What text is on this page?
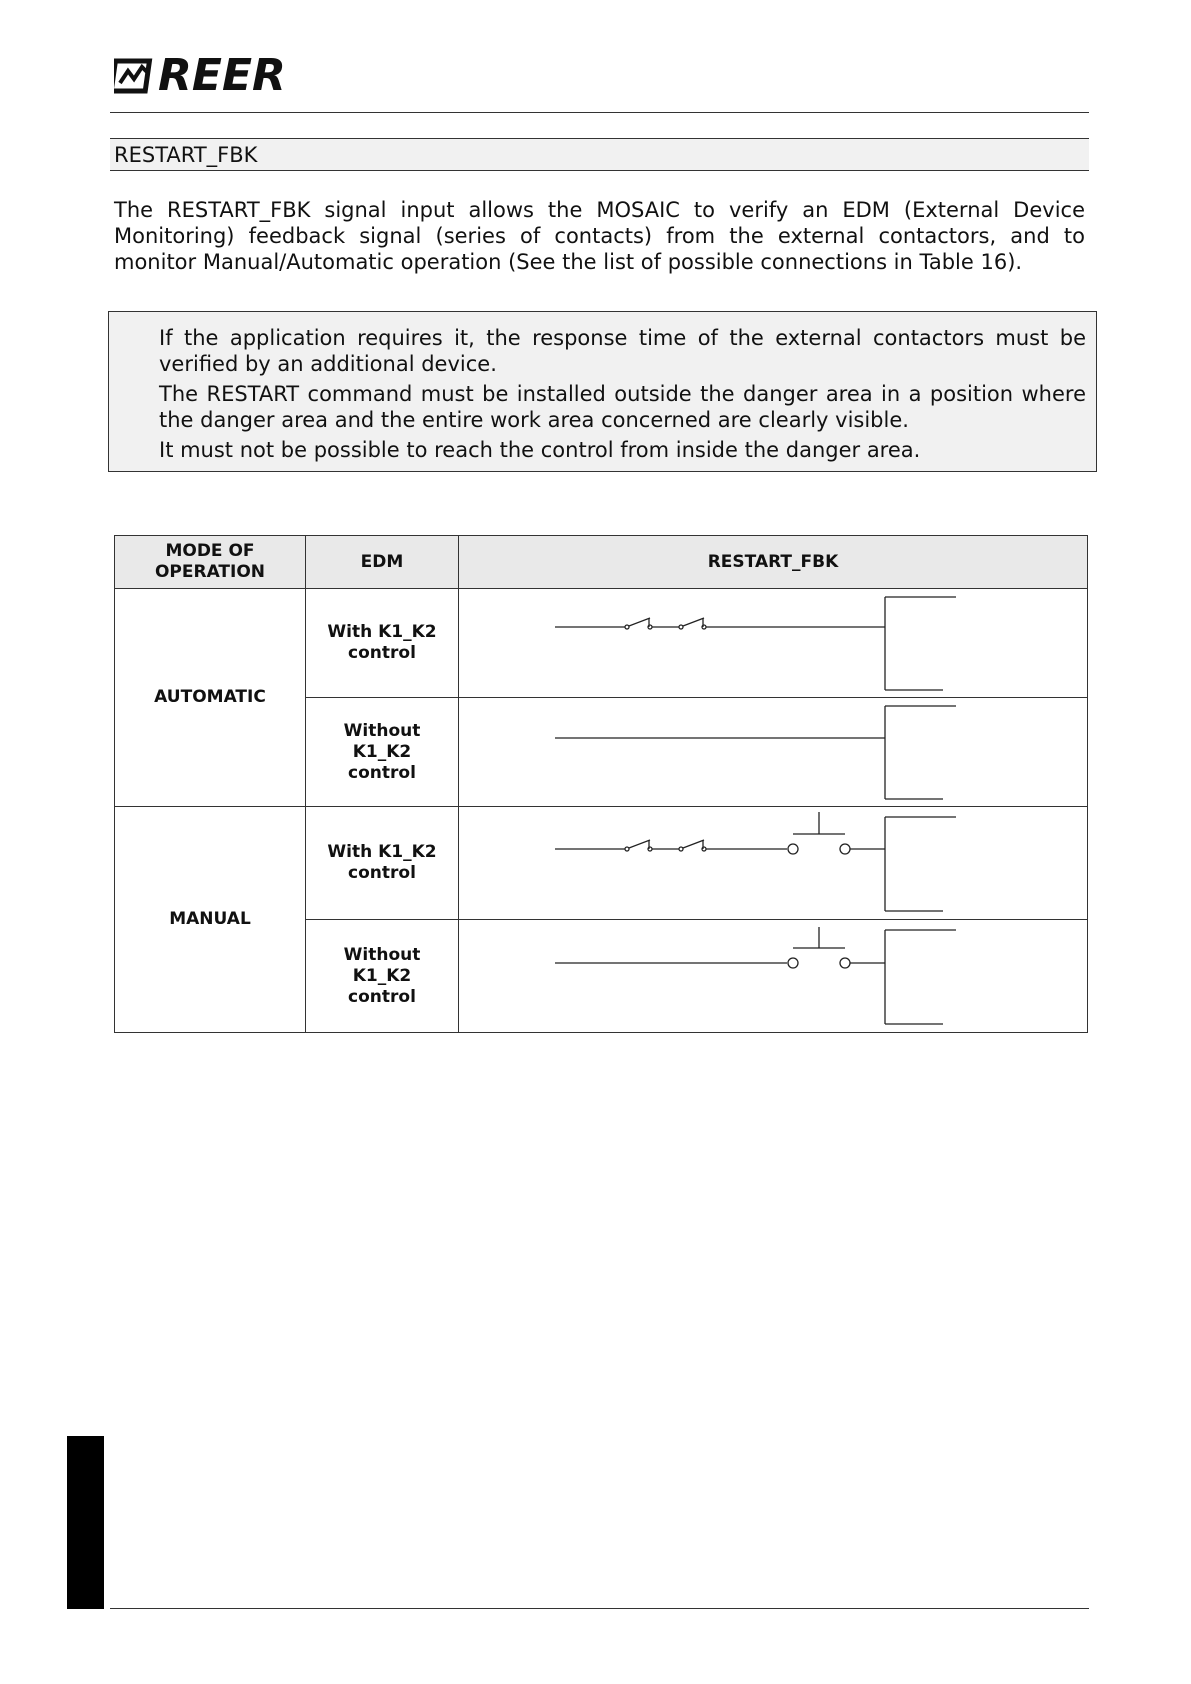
REER
RESTART_FBK

The RESTART_FBK signal input allows the MOSAIC to verify an EDM (External Device Monitoring) feedback signal (series of contacts) from the external contactors, and to monitor Manual/Automatic operation (See the list of possible connections in Table 16).

If the application requires it, the response time of the external contactors must be verified by an additional device.

The RESTART command must be installed outside the danger area in a position where the danger area and the entire work area concerned are clearly visible.

It must not be possible to reach the control from inside the danger area.

MODE OF OPERATION	EDM	RESTART_FBK
AUTOMATIC	With K1_K2 control	

	Without K1_K2 control	

MANUAL	With K1_K2 control	

	Without K1_K2 control	
